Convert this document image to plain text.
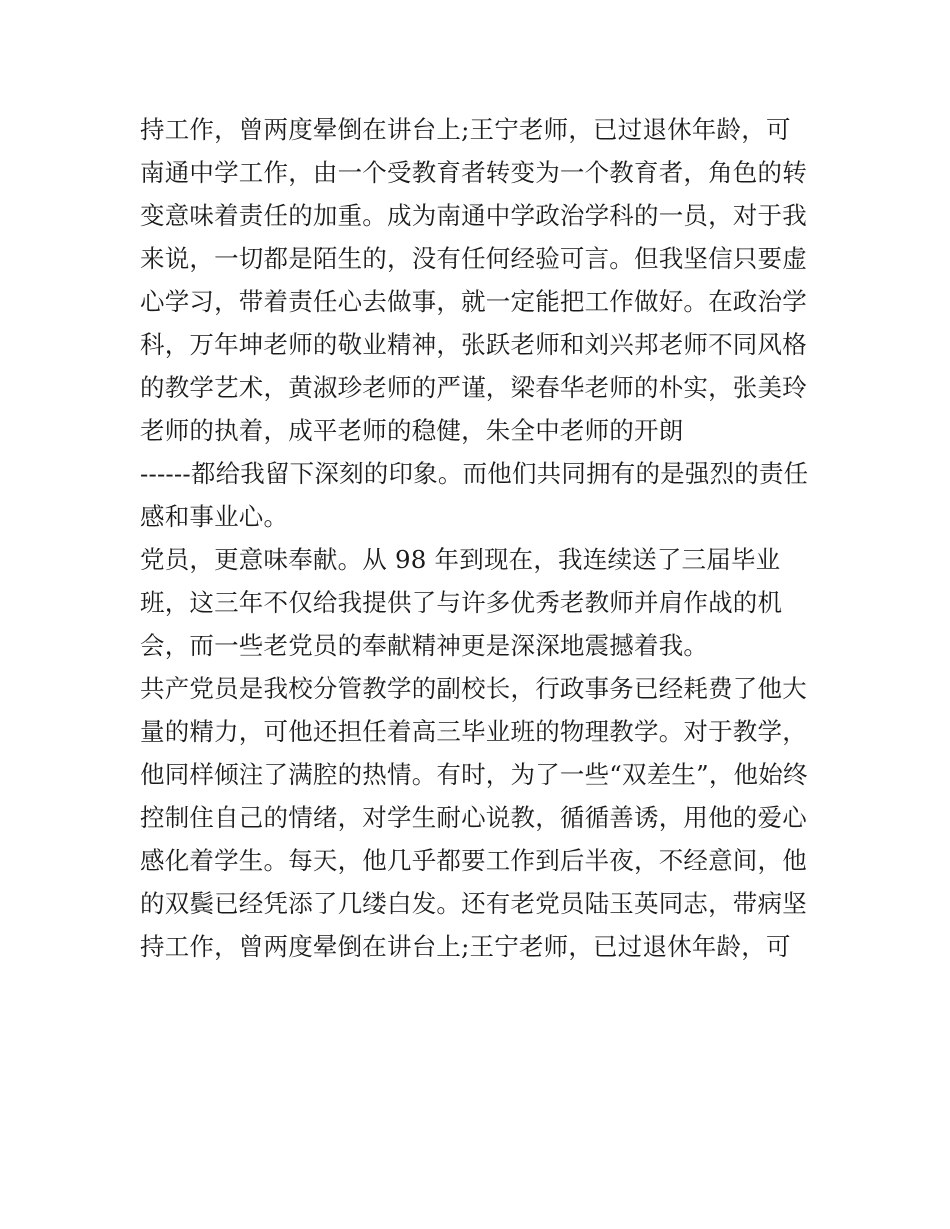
持工作，曾两度晕倒在讲台上;王宁老师，已过退休年龄，可
南通中学工作，由一个受教育者转变为一个教育者，角色的转
变意味着责任的加重。成为南通中学政治学科的一员，对于我
来说，一切都是陌生的，没有任何经验可言。但我坚信只要虚
心学习，带着责任心去做事，就一定能把工作做好。在政治学
科，万年坤老师的敬业精神，张跃老师和刘兴邦老师不同风格
的教学艺术，黄淑珍老师的严谨，梁春华老师的朴实，张美玲
老师的执着，成平老师的稳健，朱全中老师的开朗
------都给我留下深刻的印象。而他们共同拥有的是强烈的责任
感和事业心。
党员，更意味奉献。从 98 年到现在，我连续送了三届毕业
班，这三年不仅给我提供了与许多优秀老教师并肩作战的机
会，而一些老党员的奉献精神更是深深地震撼着我。
共产党员是我校分管教学的副校长，行政事务已经耗费了他大
量的精力，可他还担任着高三毕业班的物理教学。对于教学，
他同样倾注了满腔的热情。有时，为了一些“双差生”，他始终
控制住自己的情绪，对学生耐心说教，循循善诱，用他的爱心
感化着学生。每天，他几乎都要工作到后半夜，不经意间，他
的双鬓已经凭添了几缕白发。还有老党员陆玉英同志，带病坚
持工作，曾两度晕倒在讲台上;王宁老师，已过退休年龄，可
